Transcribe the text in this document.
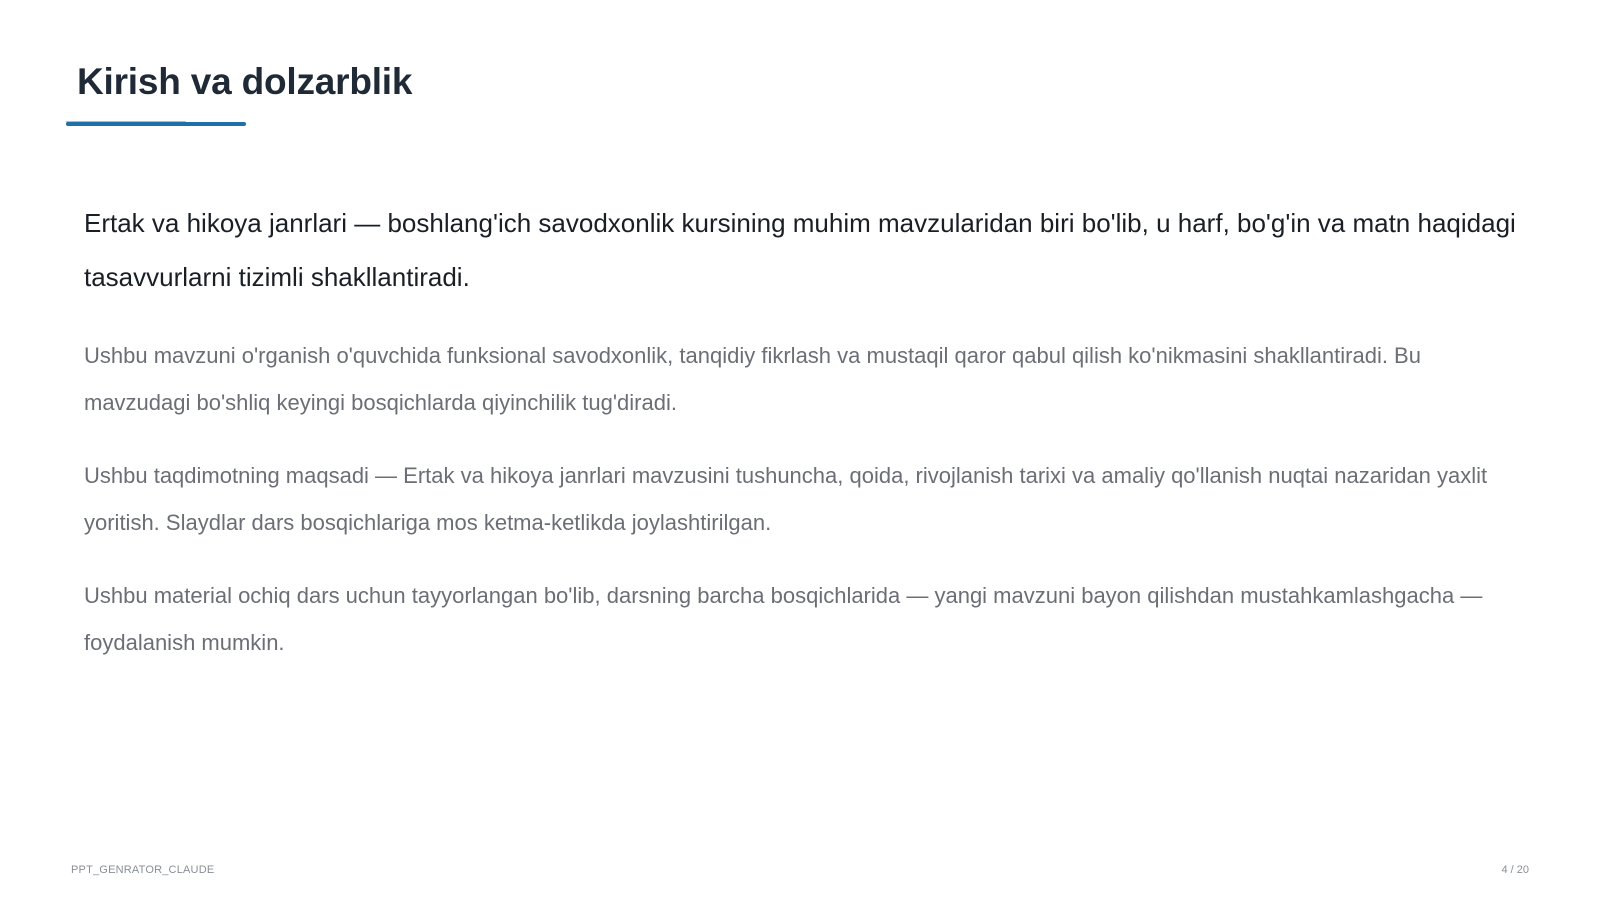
Kirish va dolzarblik

Ertak va hikoya janrlari — boshlang'ich savodxonlik kursining muhim mavzularidan biri bo'lib, u harf, bo'g'in va matn haqidagi tasavvurlarni tizimli shakllantiradi.

Ushbu mavzuni o'rganish o'quvchida funksional savodxonlik, tanqidiy fikrlash va mustaqil qaror qabul qilish ko'nikmasini shakllantiradi. Bu mavzudagi bo'shliq keyingi bosqichlarda qiyinchilik tug'diradi.

Ushbu taqdimotning maqsadi — Ertak va hikoya janrlari mavzusini tushuncha, qoida, rivojlanish tarixi va amaliy qo'llanish nuqtai nazaridan yaxlit yoritish. Slaydlar dars bosqichlariga mos ketma-ketlikda joylashtirilgan.

Ushbu material ochiq dars uchun tayyorlangan bo'lib, darsning barcha bosqichlarida — yangi mavzuni bayon qilishdan mustahkamlashgacha — foydalanish mumkin.

PPT_GENRATOR_CLAUDE	4 / 20
